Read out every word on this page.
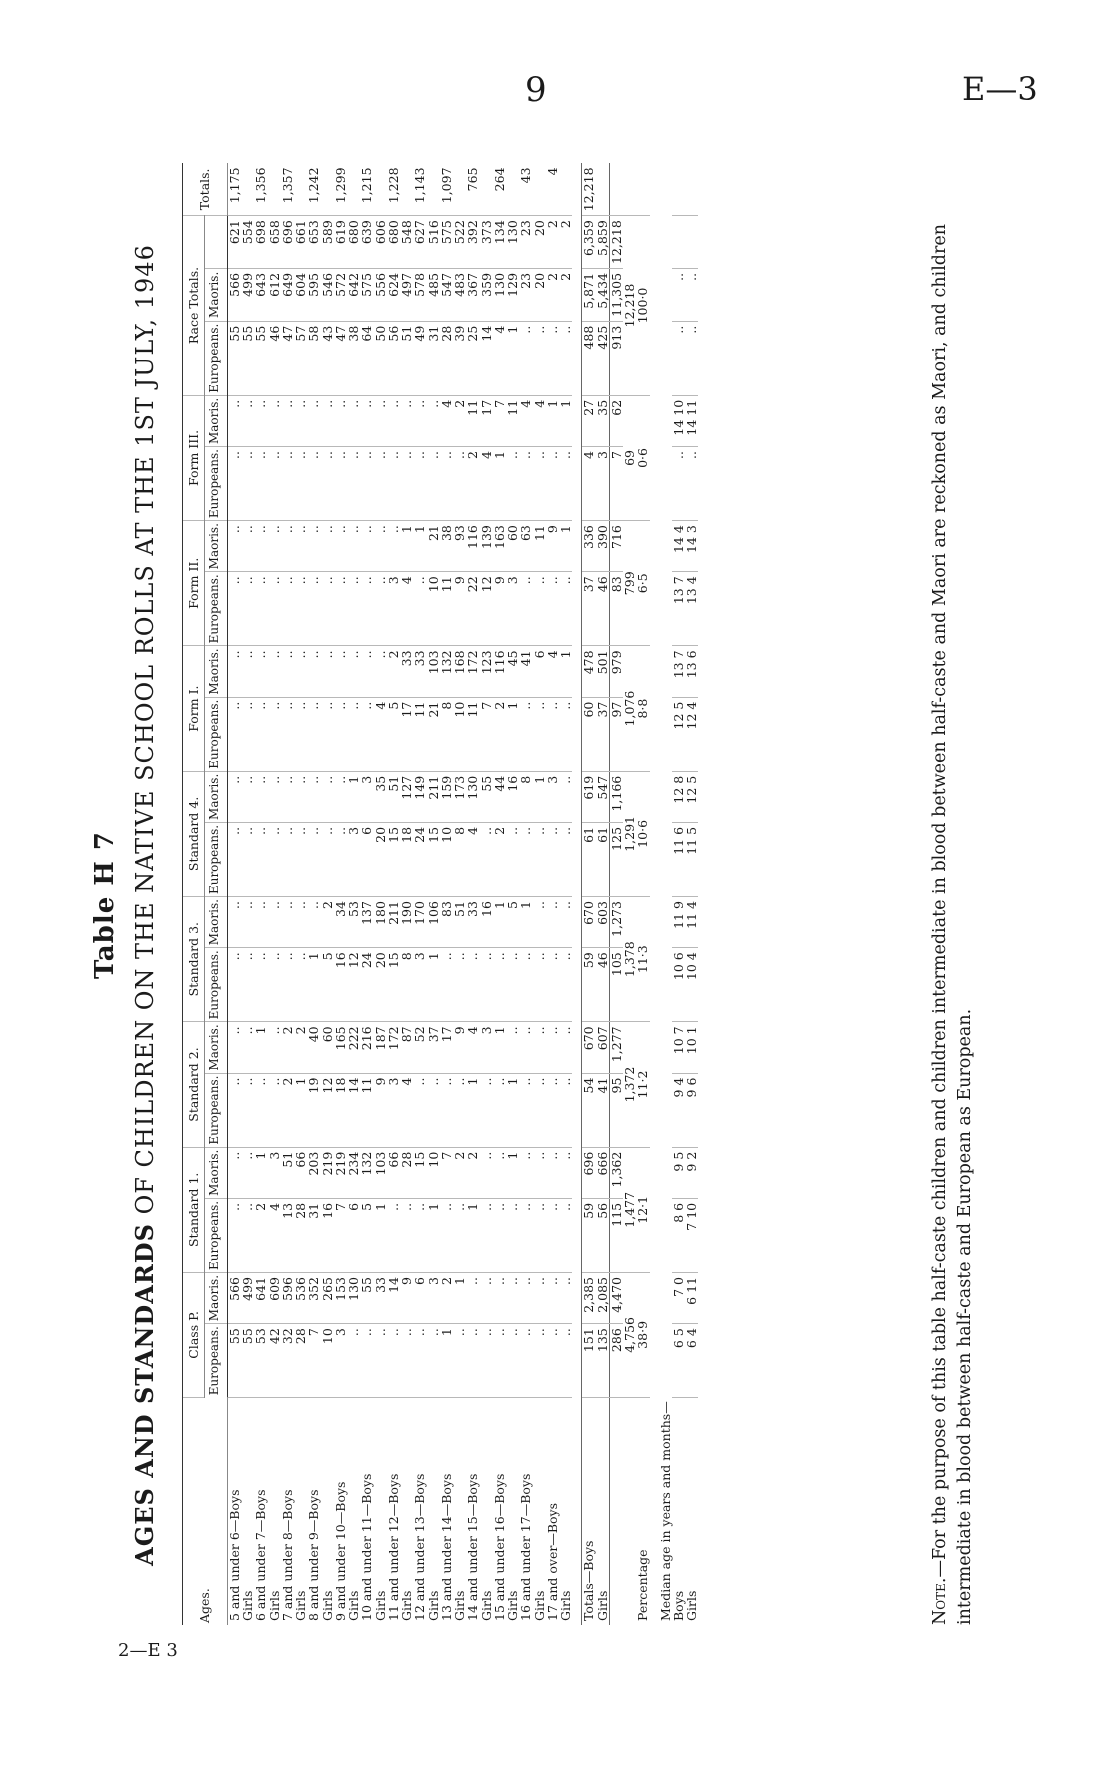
9	E—3
2—E 3
Table H 7
AGES AND STANDARDS OF CHILDREN ON THE NATIVE SCHOOL ROLLS AT THE 1ST JULY, 1946
Ages.	Class P.		Standard 1.		Standard 2.		Standard 3.		Standard 4.		Form I.		Form II.		Form III.		Race Totals.			Totals.
	Europeans.	Maoris.	Europeans.	Maoris.	Europeans.	Maoris.	Europeans.	Maoris.	Europeans.	Maoris.	Europeans.	Maoris.	Europeans.	Maoris.	Europeans.	Maoris.	Europeans.	Maoris.		
5 and under 6—Boys	55	566	..	..	..	..	..	..	..	..	..	..	..	..	..	..	55	566	621	1,175
Girls	55	499	..	..	..	..	..	..	..	..	..	..	..	..	..	..	55	499	554	
6 and under 7—Boys	53	641	2	1	..	1	..	..	..	..	..	..	..	..	..	..	55	643	698	1,356
Girls	42	609	4	3	..	..	..	..	..	..	..	..	..	..	..	..	46	612	658	
7 and under 8—Boys	32	596	13	51	2	2	..	..	..	..	..	..	..	..	..	..	47	649	696	1,357
Girls	28	536	28	66	1	2	..	..	..	..	..	..	..	..	..	..	57	604	661	
8 and under 9—Boys	7	352	31	203	19	40	1	..	..	..	..	..	..	..	..	..	58	595	653	1,242
Girls	10	265	16	219	12	60	5	2	..	..	..	..	..	..	..	..	43	546	589	
9 and under 10—Boys	3	153	7	219	18	165	16	34	..	..	..	..	..	..	..	..	47	572	619	1,299
Girls	..	130	6	234	14	222	12	53	3	1	..	..	..	..	..	..	38	642	680	
10 and under 11—Boys	..	55	5	132	11	216	24	137	6	3	..	..	..	..	..	..	64	575	639	1,215
Girls	..	33	1	103	9	187	20	180	20	35	4	..	..	..	..	..	50	556	606	
11 and under 12—Boys	..	14	..	66	3	172	15	211	15	51	5	2	3	..	..	..	56	624	680	1,228
Girls	..	9	..	28	4	87	8	190	18	127	17	33	4	1	..	..	51	497	548	
12 and under 13—Boys	..	6	..	15	..	52	3	170	24	149	11	33	..	1	..	..	49	578	627	1,143
Girls	..	3	1	10	..	37	1	106	15	211	21	103	10	21	..	..	31	485	516	
13 and under 14—Boys	1	2	..	7	..	17	..	83	10	159	8	132	11	38	..	4	28	547	575	1,097
Girls	..	1	..	2	..	9	..	51	8	173	10	168	9	93	..	2	39	483	522	
14 and under 15—Boys	..	..	1	2	1	4	..	33	4	130	11	172	22	116	2	11	25	367	392	765
Girls	..	..	..	..	..	3	..	16	..	55	7	123	12	139	4	17	14	359	373	
15 and under 16—Boys	..	..	..	..	..	1	..	1	2	44	2	116	9	163	1	7	4	130	134	264
Girls	..	..	..	1	1	..	..	5	..	16	1	45	3	60	..	11	1	129	130	
16 and under 17—Boys	..	..	..	..	..	..	..	1	..	8	..	41	..	63	..	4	..	23	23	43
Girls	..	..	..	..	..	..	..	..	..	1	..	6	..	11	..	4	..	20	20	
17 and over—Boys	..	..	..	..	..	..	..	..	..	3	..	4	..	9	..	1	..	2	2	4
Girls	..	..	..	..	..	..	..	..	..	..	..	1	..	1	..	1	..	2	2	

Totals—Boys	151	2,385	59	696	54	670	59	670	61	619	60	478	37	336	4	27	488	5,871	6,359	12,218
Girls	135	2,085	56	666	41	607	46	603	61	547	37	501	46	390	3	35	425	5,434	5,859	
	286	4,470	115	1,362	95	1,277	105	1,273	125	1,166	97	979	83	716	7	62	913	11,305	12,218	
	4,756		1,477		1,372		1,378		1,291		1,076		799		69		12,218			
Percentage	38·9		12·1		11·2		11·3		10·6		8·8		6·5		0·6		100·0			

Median age in years and months—																				
Boys	6 5	7 0	8 6	9 5	9 4	10 7	10 6	11 9	11 6	12 8	12 5	13 7	13 7	14 4	..	14 10	..	..		
Girls	6 4	6 11	7 10	9 2	9 6	10 1	10 4	11 4	11 5	12 5	12 4	13 6	13 4	14 3	..	14 11	..	..		
Note.—For the purpose of this table half-caste children and children intermediate in blood between half-caste and Maori are reckoned as Maori, and children intermediate in blood between half-caste and European as European.
